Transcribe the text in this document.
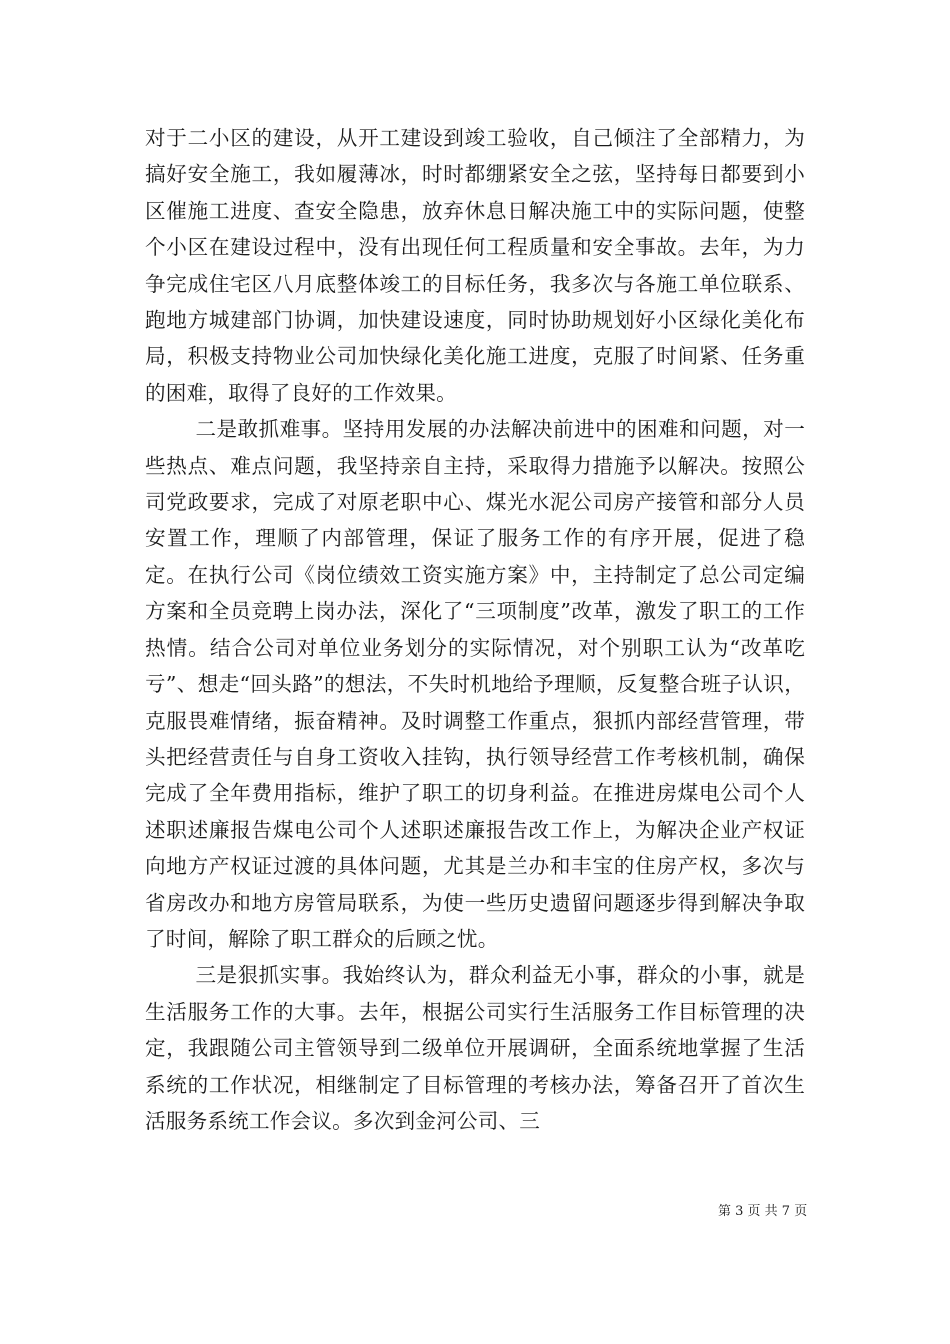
对于二小区的建设，从开工建设到竣工验收，自己倾注了全部精力，为搞好安全施工，我如履薄冰，时时都绷紧安全之弦，坚持每日都要到小区催施工进度、查安全隐患，放弃休息日解决施工中的实际问题，使整个小区在建设过程中，没有出现任何工程质量和安全事故。去年，为力争完成住宅区八月底整体竣工的目标任务，我多次与各施工单位联系、跑地方城建部门协调，加快建设速度，同时协助规划好小区绿化美化布局，积极支持物业公司加快绿化美化施工进度，克服了时间紧、任务重的困难，取得了良好的工作效果。

二是敢抓难事。坚持用发展的办法解决前进中的困难和问题，对一些热点、难点问题，我坚持亲自主持，采取得力措施予以解决。按照公司党政要求，完成了对原老职中心、煤光水泥公司房产接管和部分人员安置工作，理顺了内部管理，保证了服务工作的有序开展，促进了稳定。在执行公司《岗位绩效工资实施方案》中，主持制定了总公司定编方案和全员竞聘上岗办法，深化了“三项制度”改革，激发了职工的工作热情。结合公司对单位业务划分的实际情况，对个别职工认为“改革吃亏”、想走“回头路”的想法，不失时机地给予理顺，反复整合班子认识，克服畏难情绪，振奋精神。及时调整工作重点，狠抓内部经营管理，带头把经营责任与自身工资收入挂钩，执行领导经营工作考核机制，确保完成了全年费用指标，维护了职工的切身利益。在推进房煤电公司个人述职述廉报告煤电公司个人述职述廉报告改工作上，为解决企业产权证向地方产权证过渡的具体问题，尤其是兰办和丰宝的住房产权，多次与省房改办和地方房管局联系，为使一些历史遗留问题逐步得到解决争取了时间，解除了职工群众的后顾之忧。

三是狠抓实事。我始终认为，群众利益无小事，群众的小事，就是生活服务工作的大事。去年，根据公司实行生活服务工作目标管理的决定，我跟随公司主管领导到二级单位开展调研，全面系统地掌握了生活系统的工作状况，相继制定了目标管理的考核办法，筹备召开了首次生活服务系统工作会议。多次到金河公司、三

第 3 页 共 7 页
